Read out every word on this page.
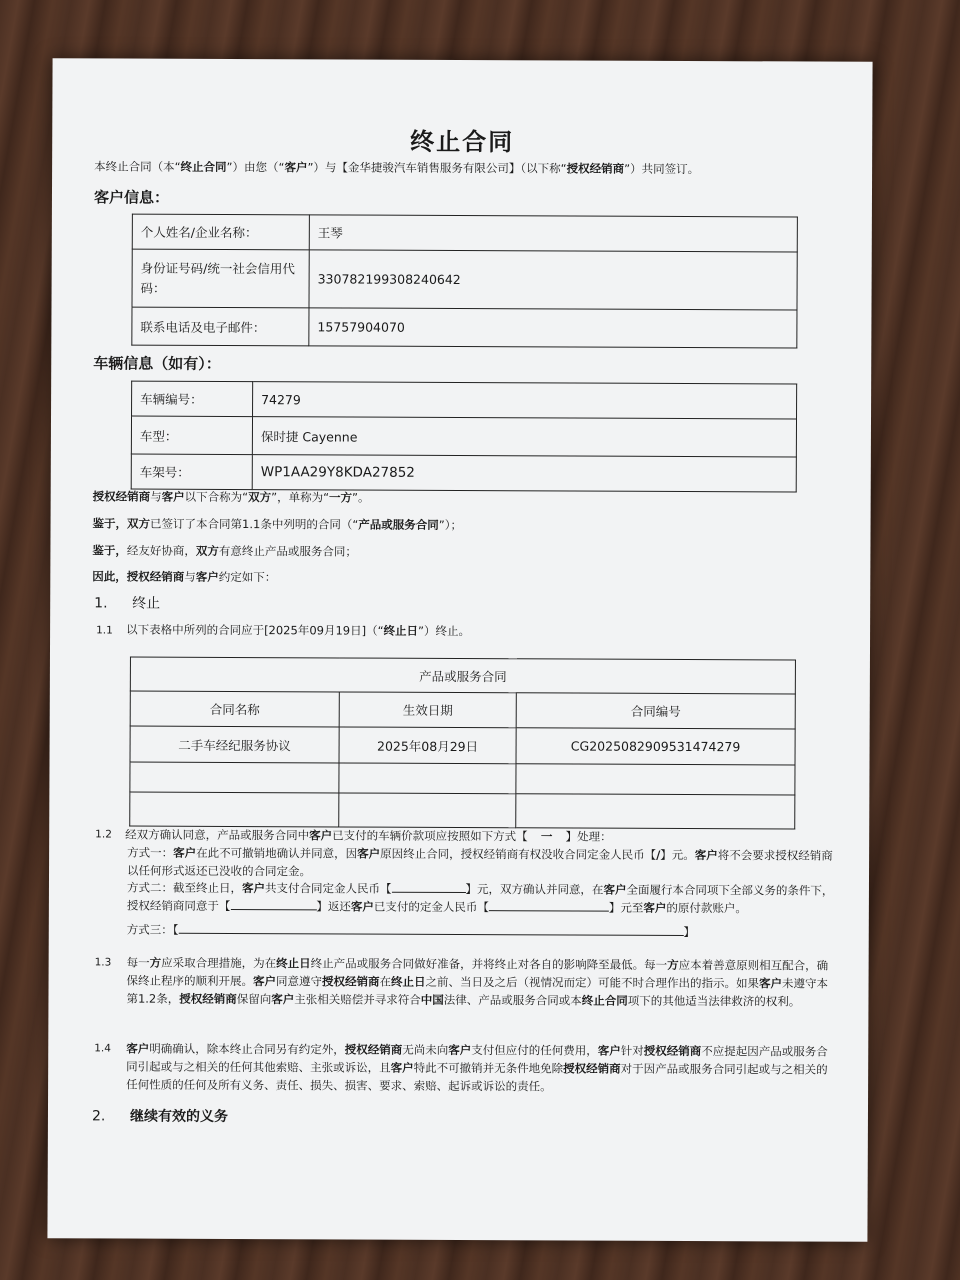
终止合同
本终止合同（本“终止合同”）由您（“客户”）与【金华捷骏汽车销售服务有限公司】（以下称“授权经销商”）共同签订。
客户信息：
个人姓名/企业名称：	王琴
身份证号码/统一社会信用代码：	330782199308240642
联系电话及电子邮件：	15757904070
车辆信息（如有）：
车辆编号：	74279
车型：	保时捷 Cayenne
车架号：	WP1AA29Y8KDA27852
授权经销商与客户以下合称为“双方”，单称为“一方”。
鉴于，双方已签订了本合同第1.1条中列明的合同（“产品或服务合同”）；
鉴于，经友好协商，双方有意终止产品或服务合同；
因此，授权经销商与客户约定如下：
1. 终止
1.1 以下表格中所列的合同应于[2025年09月19日]（“终止日”）终止。
产品或服务合同		
合同名称	生效日期	合同编号
二手车经纪服务协议	2025年08月29日	CG2025082909531474279

1.2	经双方确认同意，产品或服务合同中客户已支付的车辆价款项应按照如下方式【 一 】处理：
方式一：客户在此不可撤销地确认并同意，因客户原因终止合同，授权经销商有权没收合同定金人民币【/】元。客户将不会要求授权经销商以任何形式返还已没收的合同定金。
方式二：截至终止日，客户共支付合同定金人民币【	】元，双方确认并同意，在客户全面履行本合同项下全部义务的条件下，授权经销商同意于【	】返还客户已支付的定金人民币【	】元至客户的原付款账户。
方式三：【	】
1.3	每一方应采取合理措施，为在终止日终止产品或服务合同做好准备，并将终止对各自的影响降至最低。每一方应本着善意原则相互配合，确保终止程序的顺利开展。客户同意遵守授权经销商在终止日之前、当日及之后（视情况而定）可能不时合理作出的指示。如果客户未遵守本第1.2条，授权经销商保留向客户主张相关赔偿并寻求符合中国法律、产品或服务合同或本终止合同项下的其他适当法律救济的权利。
1.4	客户明确确认，除本终止合同另有约定外，授权经销商无尚未向客户支付但应付的任何费用，客户针对授权经销商不应提起因产品或服务合同引起或与之相关的任何其他索赔、主张或诉讼，且客户特此不可撤销并无条件地免除授权经销商对于因产品或服务合同引起或与之相关的任何性质的任何及所有义务、责任、损失、损害、要求、索赔、起诉或诉讼的责任。
2. 继续有效的义务
